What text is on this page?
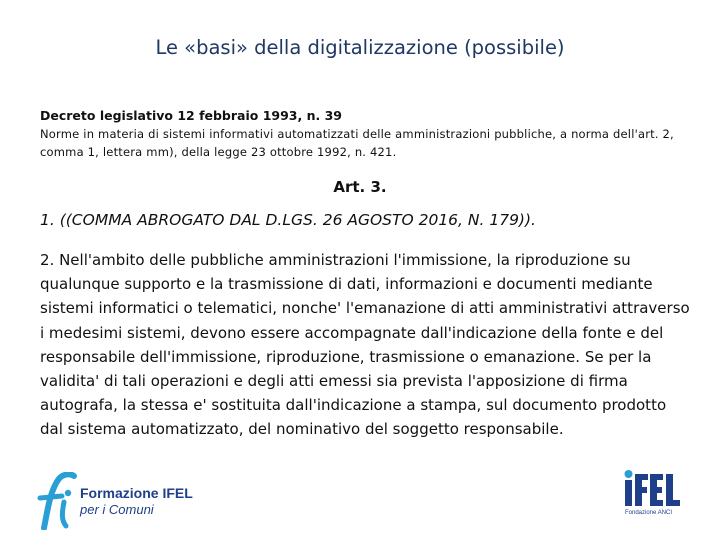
Le «basi» della digitalizzazione (possibile)
Decreto legislativo 12 febbraio 1993, n. 39
Norme in materia di sistemi informativi automatizzati delle amministrazioni pubbliche, a norma dell'art. 2, comma 1, lettera mm), della legge 23 ottobre 1992, n. 421.
Art. 3.
1. ((COMMA ABROGATO DAL D.LGS. 26 AGOSTO 2016, N. 179)).
2. Nell'ambito delle pubbliche amministrazioni l'immissione, la riproduzione su qualunque supporto e la trasmissione di dati, informazioni e documenti mediante sistemi informatici o telematici, nonche' l'emanazione di atti amministrativi attraverso i medesimi sistemi, devono essere accompagnate dall'indicazione della fonte e del responsabile dell'immissione, riproduzione, trasmissione o emanazione. Se per la validita' di tali operazioni e degli atti emessi sia prevista l'apposizione di firma autografa, la stessa e' sostituita dall'indicazione a stampa, sul documento prodotto dal sistema automatizzato, del nominativo del soggetto responsabile.
Formazione IFEL
per i Comuni	Fondazione ANCI
